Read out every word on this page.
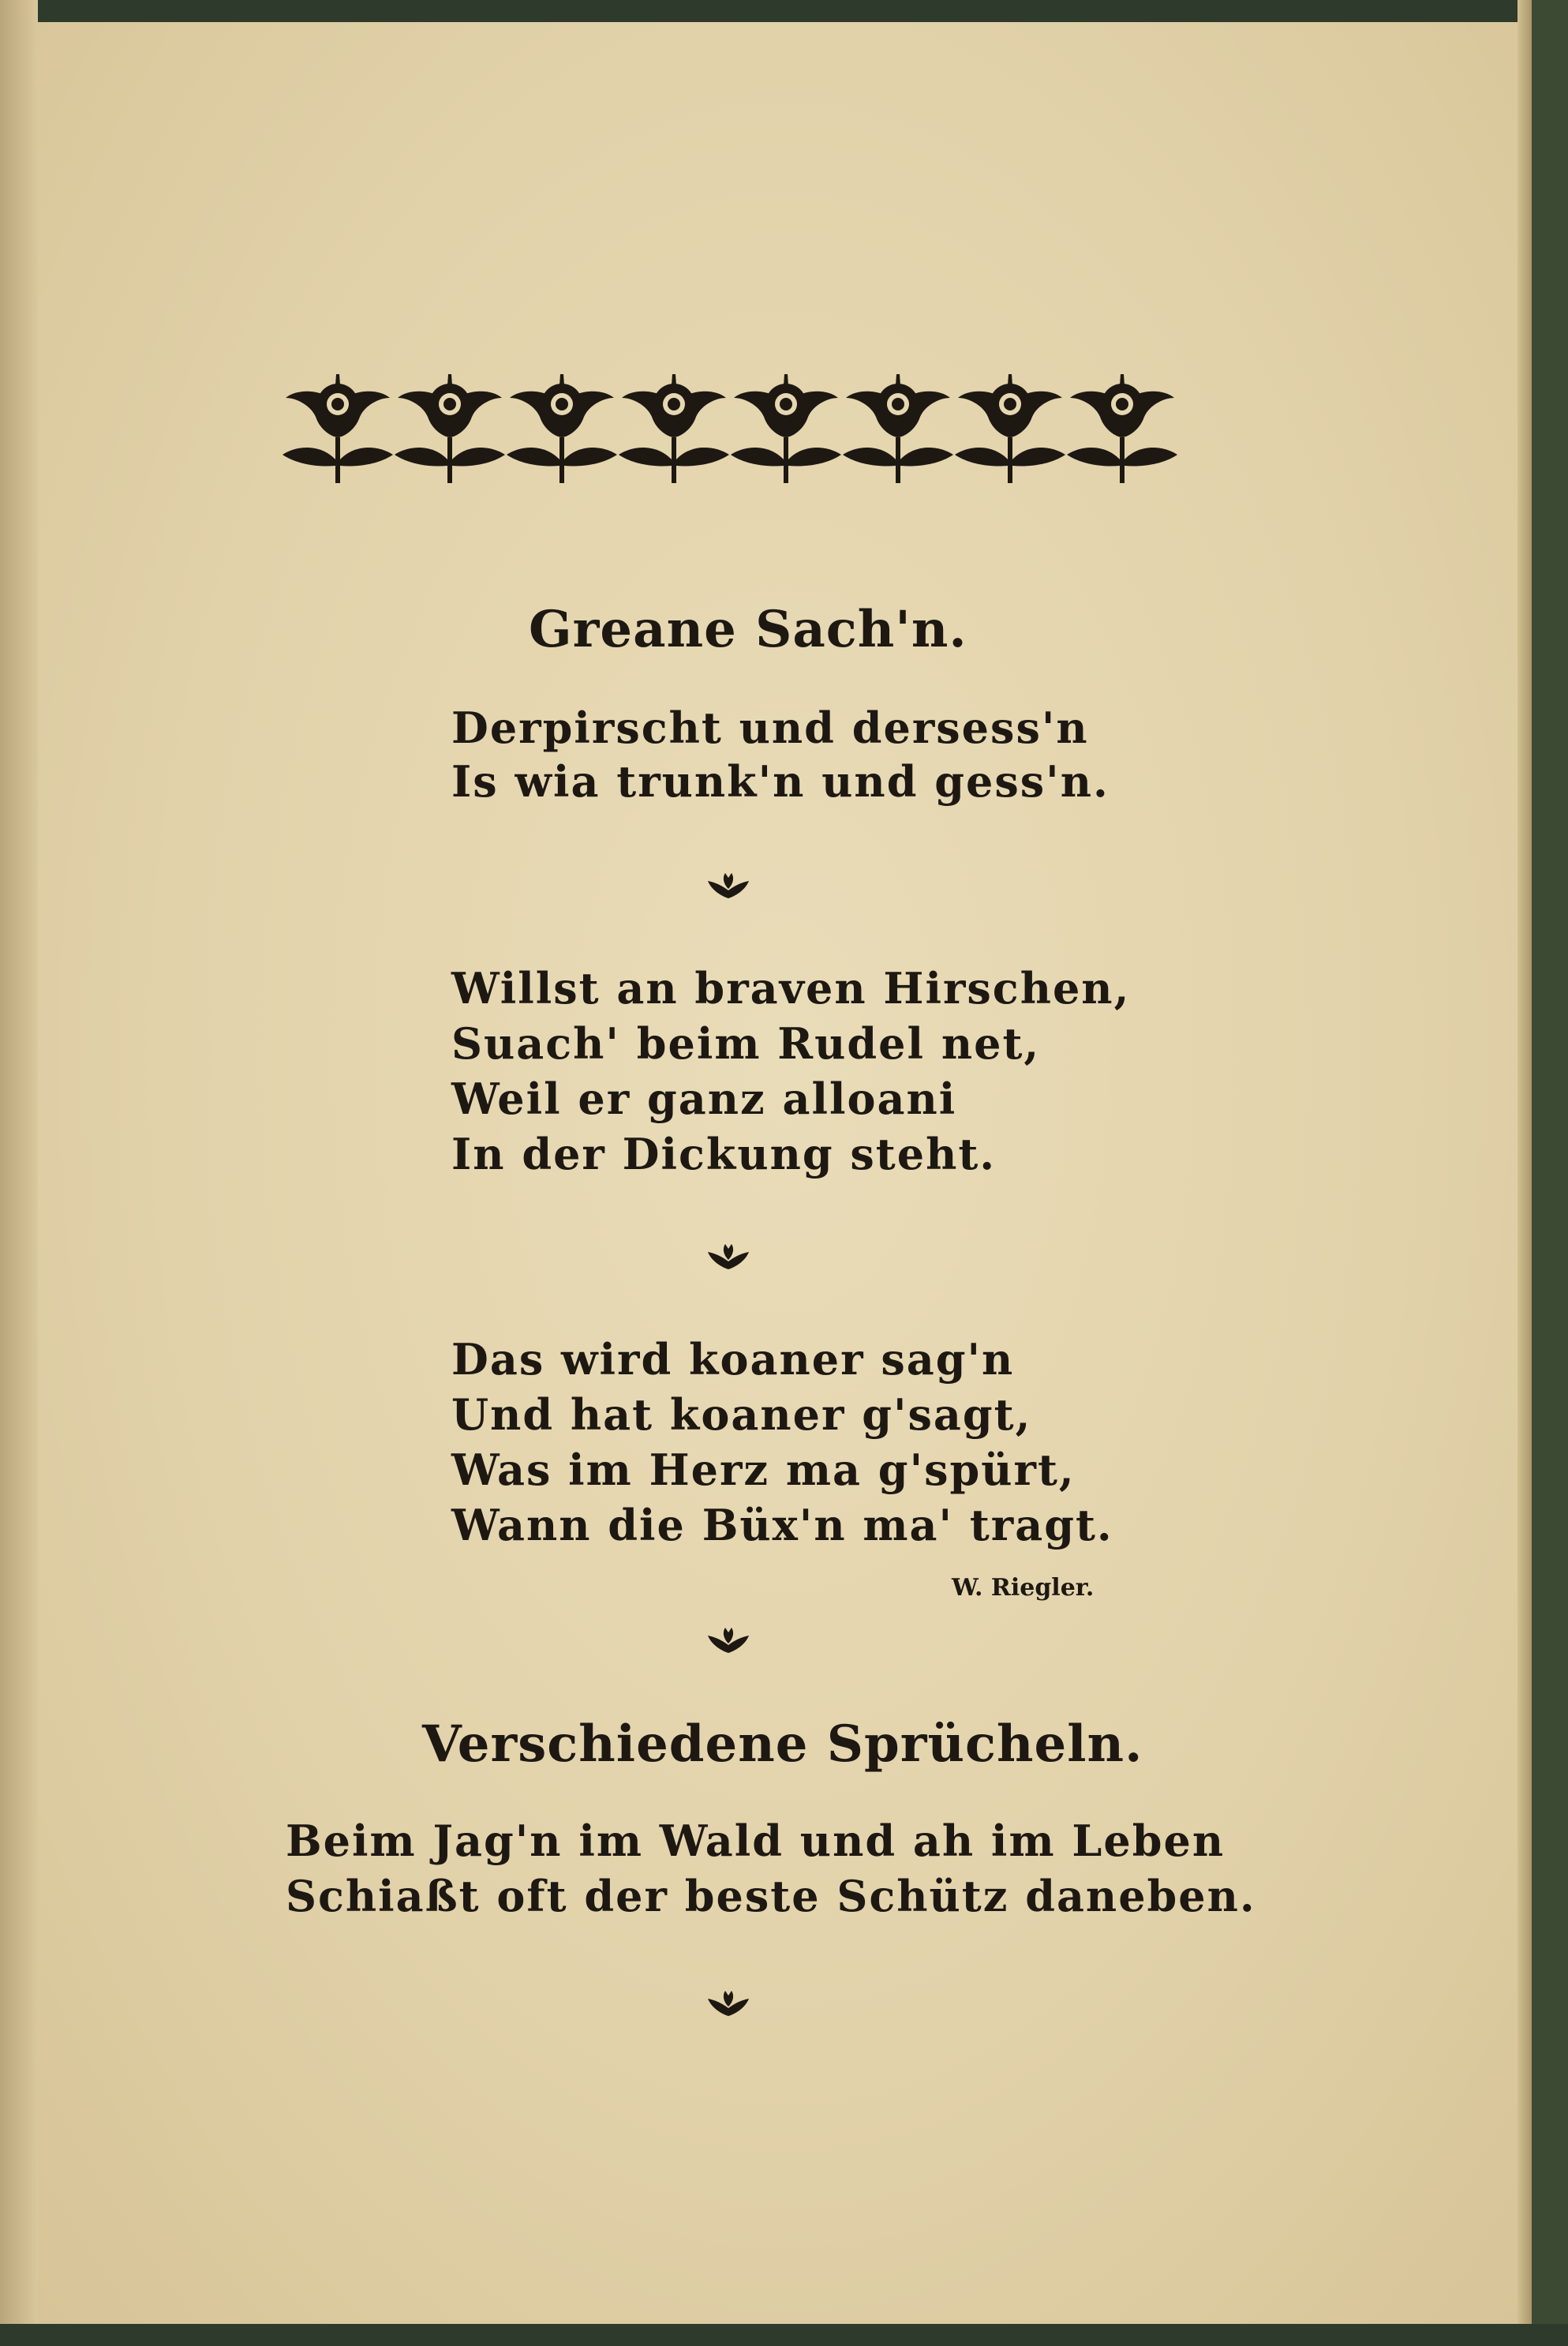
Greane Sach'n.
Derpirscht und dersess'n
Is wia trunk'n und gess'n.
Willst an braven Hirschen,
Suach' beim Rudel net,
Weil er ganz alloani
In der Dickung steht.
Das wird koaner sag'n
Und hat koaner g'sagt,
Was im Herz ma g'spürt,
Wann die Büx'n ma' tragt.
W. Riegler.
Verschiedene Sprücheln.
Beim Jag'n im Wald und ah im Leben
Schiaßt oft der beste Schütz daneben.
